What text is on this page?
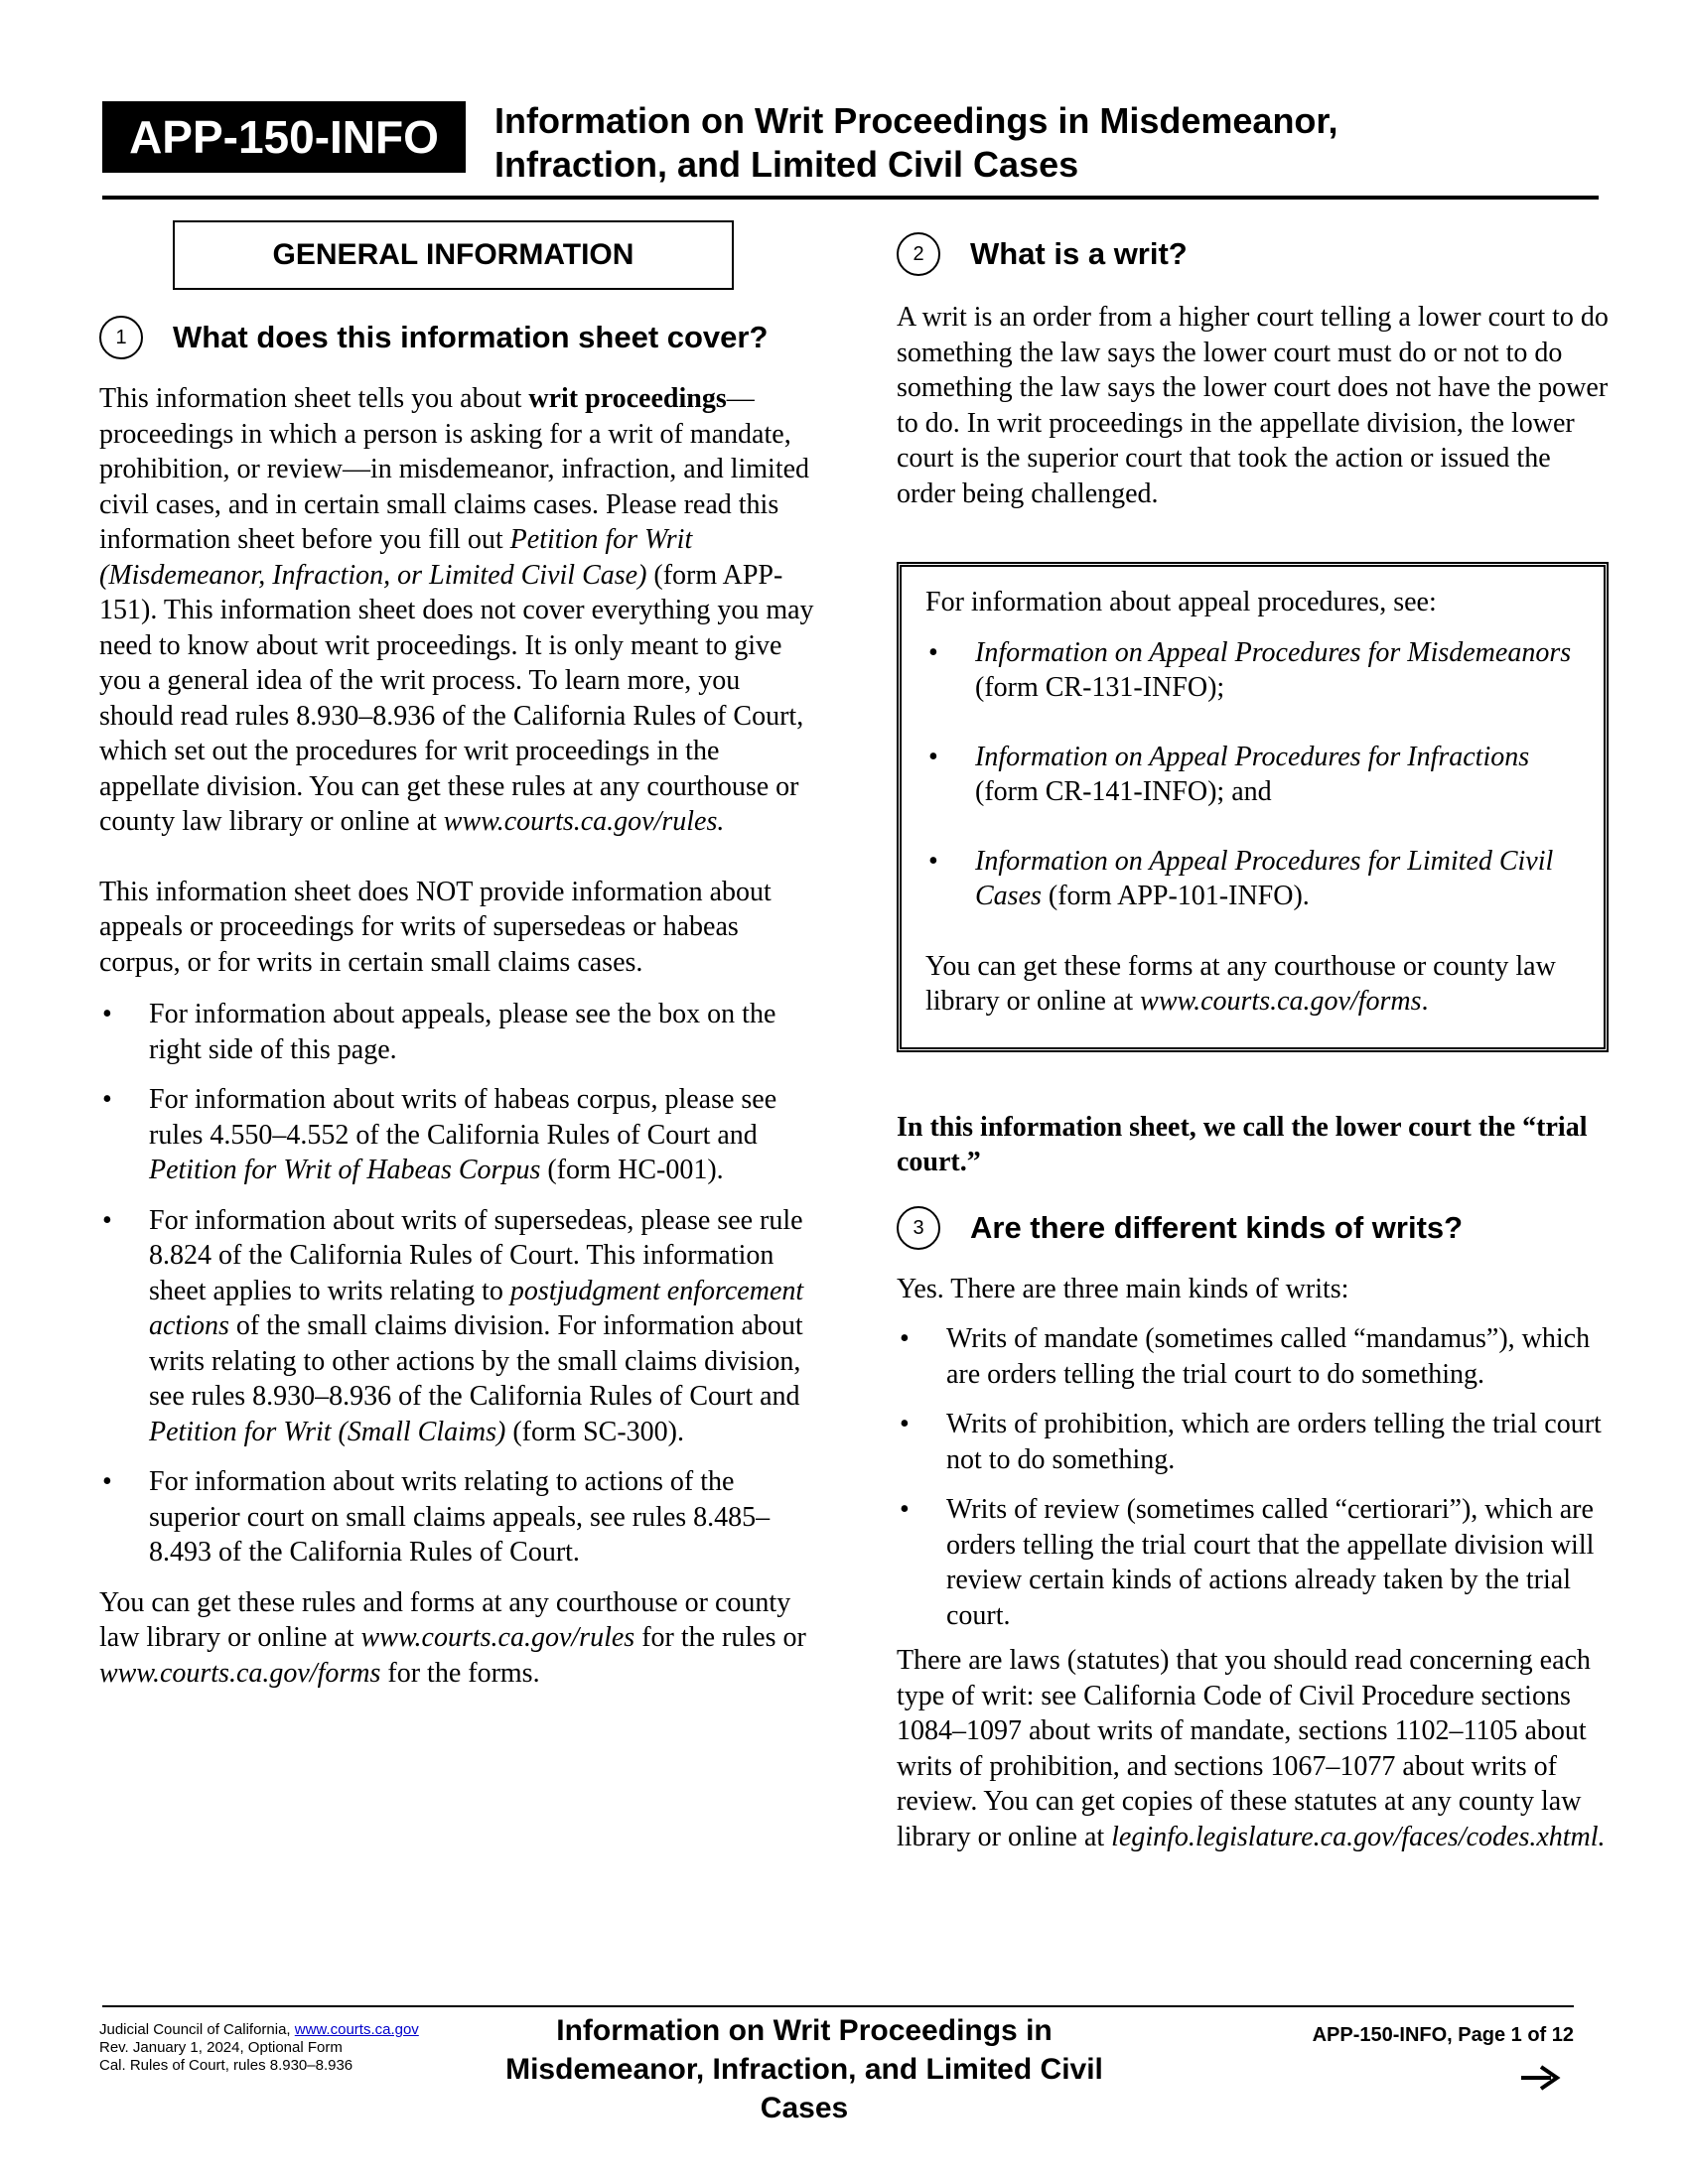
APP-150-INFO	Information on Writ Proceedings in Misdemeanor,
Infraction, and Limited Civil Cases
GENERAL INFORMATION
1	What does this information sheet cover?

This information sheet tells you about writ proceedings—proceedings in which a person is asking for a writ of mandate, prohibition, or review—in misdemeanor, infraction, and limited civil cases, and in certain small claims cases. Please read this information sheet before you fill out Petition for Writ (Misdemeanor, Infraction, or Limited Civil Case) (form APP-151). This information sheet does not cover everything you may need to know about writ proceedings. It is only meant to give you a general idea of the writ process. To learn more, you should read rules 8.930–8.936 of the California Rules of Court, which set out the procedures for writ proceedings in the appellate division. You can get these rules at any courthouse or county law library or online at www.courts.ca.gov/rules.

This information sheet does NOT provide information about appeals or proceedings for writs of supersedeas or habeas corpus, or for writs in certain small claims cases.

• For information about appeals, please see the box on the right side of this page.
• For information about writs of habeas corpus, please see rules 4.550–4.552 of the California Rules of Court and Petition for Writ of Habeas Corpus (form HC-001).
• For information about writs of supersedeas, please see rule 8.824 of the California Rules of Court. This information sheet applies to writs relating to postjudgment enforcement actions of the small claims division. For information about writs relating to other actions by the small claims division, see rules 8.930–8.936 of the California Rules of Court and Petition for Writ (Small Claims) (form SC-300).
• For information about writs relating to actions of the superior court on small claims appeals, see rules 8.485–8.493 of the California Rules of Court.

You can get these rules and forms at any courthouse or county law library or online at www.courts.ca.gov/rules for the rules or www.courts.ca.gov/forms for the forms.

2	What is a writ?

A writ is an order from a higher court telling a lower court to do something the law says the lower court must do or not to do something the law says the lower court does not have the power to do. In writ proceedings in the appellate division, the lower court is the superior court that took the action or issued the order being challenged.

For information about appeal procedures, see:
• Information on Appeal Procedures for Misdemeanors (form CR-131-INFO);
• Information on Appeal Procedures for Infractions (form CR-141-INFO); and
• Information on Appeal Procedures for Limited Civil Cases (form APP-101-INFO).
You can get these forms at any courthouse or county law library or online at www.courts.ca.gov/forms.
In this information sheet, we call the lower court the “trial court.”
3	Are there different kinds of writs?
Yes. There are three main kinds of writs:
• Writs of mandate (sometimes called “mandamus”), which are orders telling the trial court to do something.
• Writs of prohibition, which are orders telling the trial court not to do something.
• Writs of review (sometimes called “certiorari”), which are orders telling the trial court that the appellate division will review certain kinds of actions already taken by the trial court.
There are laws (statutes) that you should read concerning each type of writ: see California Code of Civil Procedure sections 1084–1097 about writs of mandate, sections 1102–1105 about writs of prohibition, and sections 1067–1077 about writs of review. You can get copies of these statutes at any county law library or online at leginfo.legislature.ca.gov/faces/codes.xhtml.
Judicial Council of California, www.courts.ca.gov
Rev. January 1, 2024, Optional Form
Cal. Rules of Court, rules 8.930–8.936
Information on Writ Proceedings in
Misdemeanor, Infraction, and Limited Civil Cases
APP-150-INFO, Page 1 of 12
